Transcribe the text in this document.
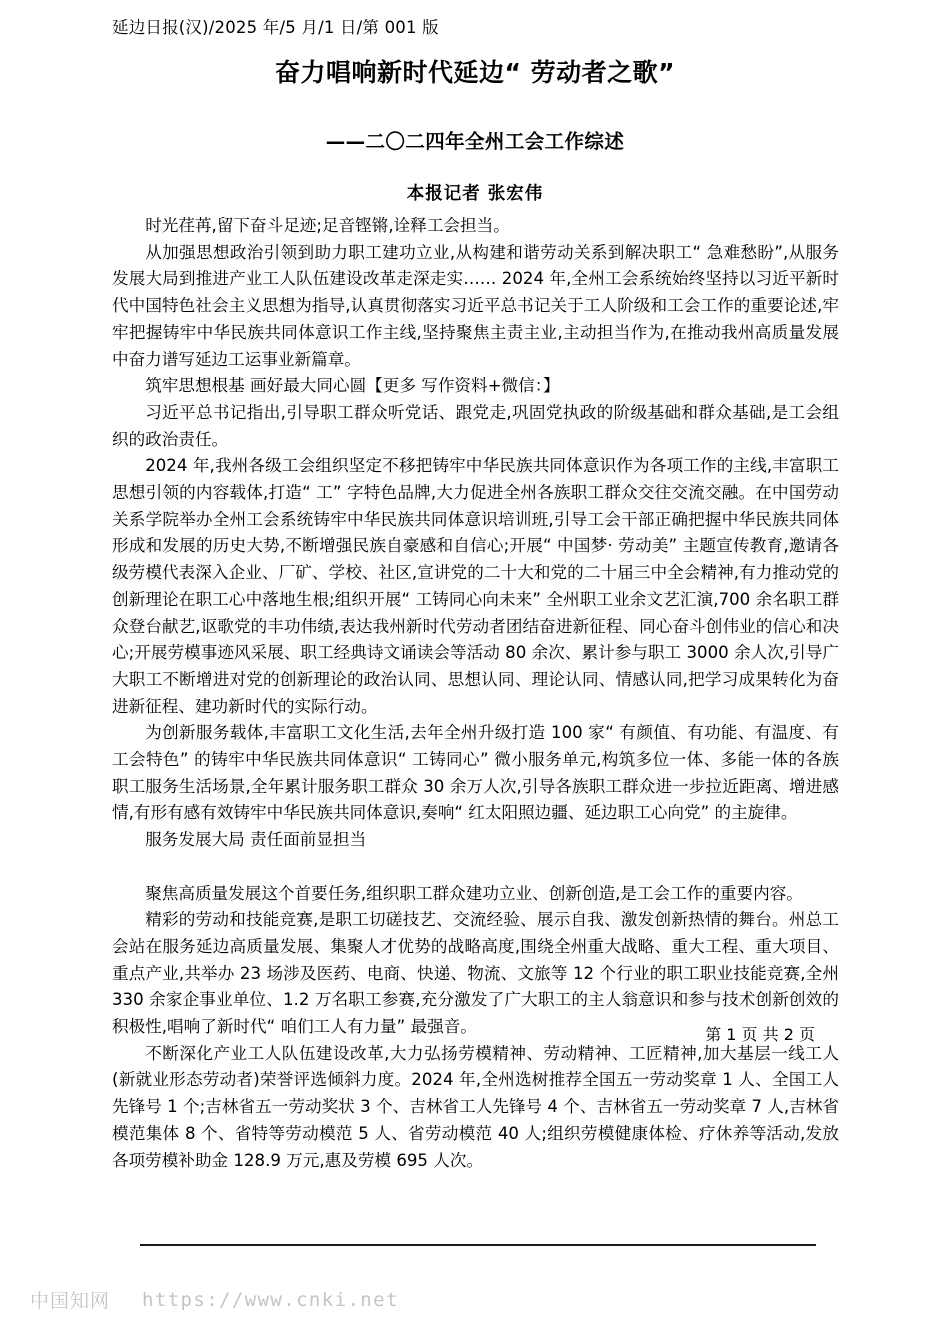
延边日报(汉)/2025 年/5 月/1 日/第 001 版
奋力唱响新时代延边“ 劳动者之歌”
——二〇二四年全州工会工作综述
本报记者 张宏伟

时光荏苒,留下奋斗足迹;足音铿锵,诠释工会担当。

从加强思想政治引领到助力职工建功立业,从构建和谐劳动关系到解决职工“ 急难愁盼”,从服务发展大局到推进产业工人队伍建设改革走深走实…… 2024 年,全州工会系统始终坚持以习近平新时代中国特色社会主义思想为指导,认真贯彻落实习近平总书记关于工人阶级和工会工作的重要论述,牢牢把握铸牢中华民族共同体意识工作主线,坚持聚焦主责主业,主动担当作为,在推动我州高质量发展中奋力谱写延边工运事业新篇章。

筑牢思想根基 画好最大同心圆【更多 写作资料+微信：】

习近平总书记指出,引导职工群众听党话、跟党走,巩固党执政的阶级基础和群众基础,是工会组织的政治责任。

2024 年,我州各级工会组织坚定不移把铸牢中华民族共同体意识作为各项工作的主线,丰富职工思想引领的内容载体,打造“ 工” 字特色品牌,大力促进全州各族职工群众交往交流交融。在中国劳动关系学院举办全州工会系统铸牢中华民族共同体意识培训班,引导工会干部正确把握中华民族共同体形成和发展的历史大势,不断增强民族自豪感和自信心;开展“ 中国梦· 劳动美” 主题宣传教育,邀请各级劳模代表深入企业、厂矿、学校、社区,宣讲党的二十大和党的二十届三中全会精神,有力推动党的创新理论在职工心中落地生根;组织开展“ 工铸同心向未来” 全州职工业余文艺汇演,700 余名职工群众登台献艺,讴歌党的丰功伟绩,表达我州新时代劳动者团结奋进新征程、同心奋斗创伟业的信心和决心;开展劳模事迹风采展、职工经典诗文诵读会等活动 80 余次、累计参与职工 3000 余人次,引导广大职工不断增进对党的创新理论的政治认同、思想认同、理论认同、情感认同,把学习成果转化为奋进新征程、建功新时代的实际行动。

为创新服务载体,丰富职工文化生活,去年全州升级打造 100 家“ 有颜值、有功能、有温度、有工会特色” 的铸牢中华民族共同体意识“ 工铸同心” 微小服务单元,构筑多位一体、多能一体的各族职工服务生活场景,全年累计服务职工群众 30 余万人次,引导各族职工群众进一步拉近距离、增进感情,有形有感有效铸牢中华民族共同体意识,奏响“ 红太阳照边疆、延边职工心向党” 的主旋律。

服务发展大局 责任面前显担当

聚焦高质量发展这个首要任务,组织职工群众建功立业、创新创造,是工会工作的重要内容。

精彩的劳动和技能竞赛,是职工切磋技艺、交流经验、展示自我、激发创新热情的舞台。州总工会站在服务延边高质量发展、集聚人才优势的战略高度,围绕全州重大战略、重大工程、重大项目、重点产业,共举办 23 场涉及医药、电商、快递、物流、文旅等 12 个行业的职工职业技能竞赛,全州 330 余家企事业单位、1.2 万名职工参赛,充分激发了广大职工的主人翁意识和参与技术创新创效的积极性,唱响了新时代“ 咱们工人有力量” 最强音。

不断深化产业工人队伍建设改革,大力弘扬劳模精神、劳动精神、工匠精神,加大基层一线工人(新就业形态劳动者)荣誉评选倾斜力度。2024 年,全州选树推荐全国五一劳动奖章 1 人、全国工人先锋号 1 个;吉林省五一劳动奖状 3 个、吉林省工人先锋号 4 个、吉林省五一劳动奖章 7 人,吉林省模范集体 8 个、省特等劳动模范 5 人、省劳动模范 40 人;组织劳模健康体检、疗休养等活动,发放各项劳模补助金 128.9 万元,惠及劳模 695 人次。

第 1 页 共 2 页
中国知网 https://www.cnki.net
